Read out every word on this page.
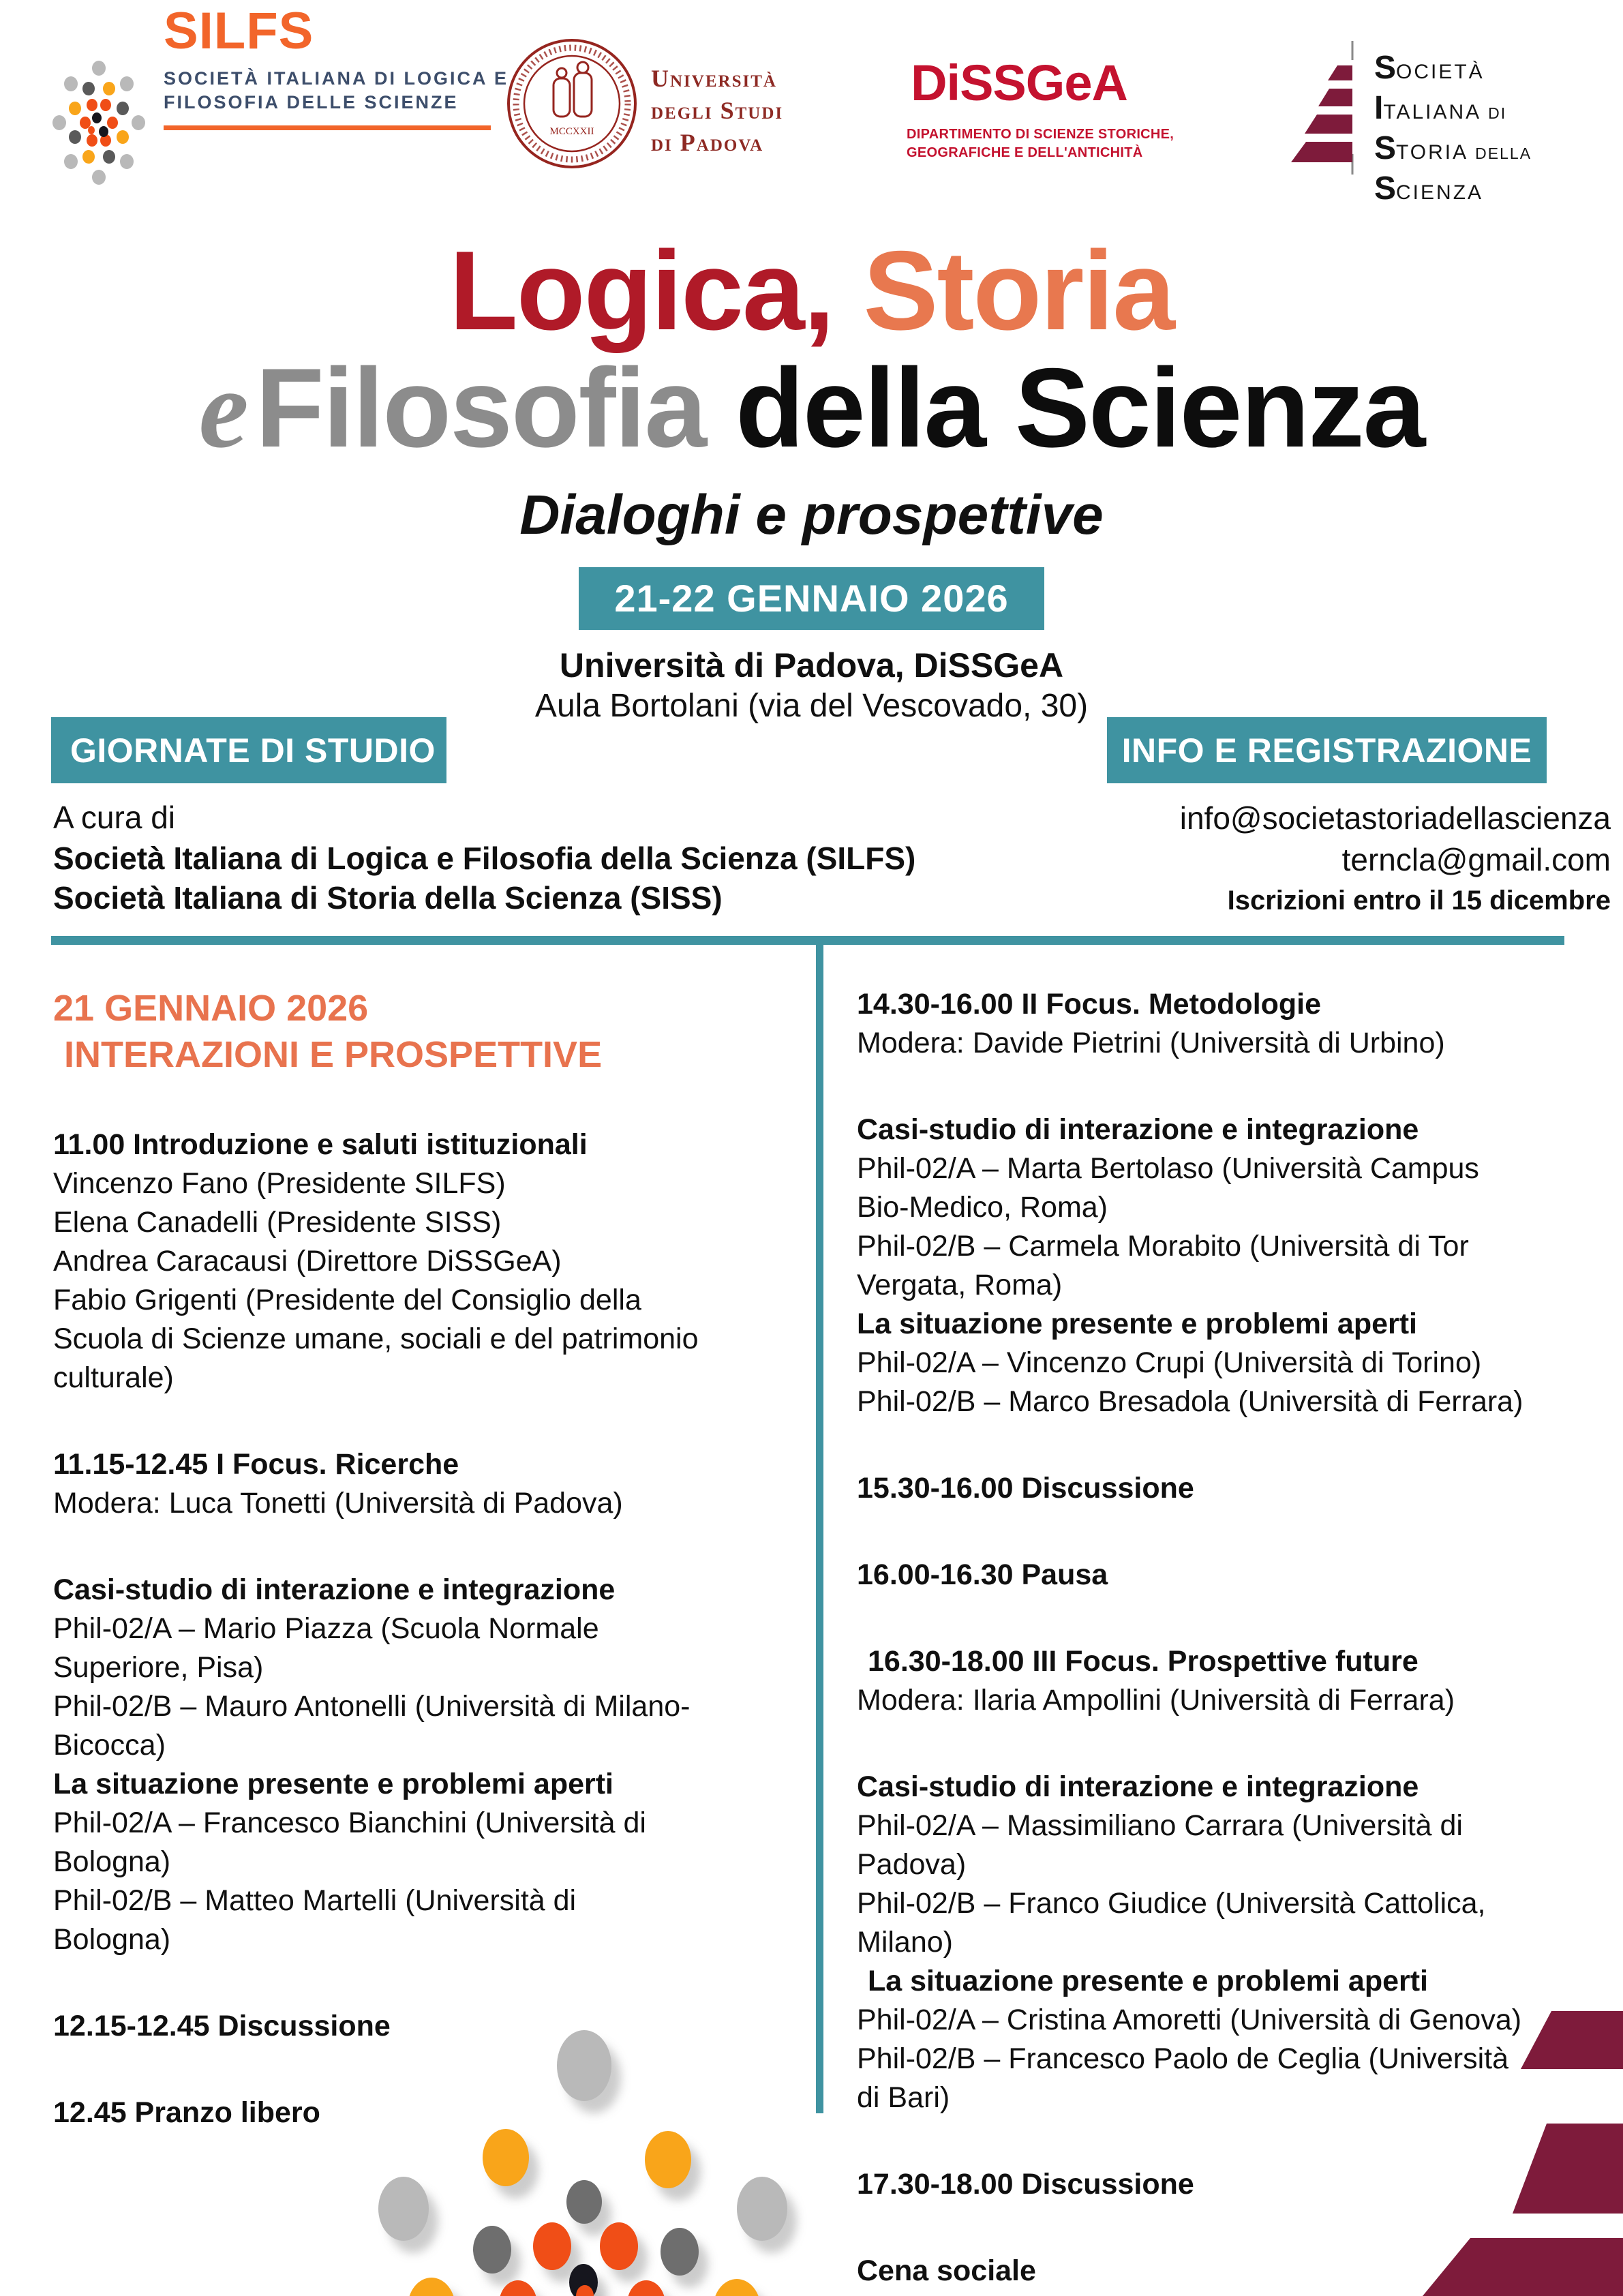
SILFS
SOCIETÀ ITALIANA DI LOGICA E
FILOSOFIA DELLE SCIENZE
MCCXXII
Università
degli Studi
di Padova
DiSSGeA
DIPARTIMENTO DI SCIENZE STORICHE,
GEOGRAFICHE E DELL'ANTICHITÀ
SOCIETÀ
ITALIANA DI
STORIA DELLA
SCIENZA
Logica, Storia
eFilosofia della Scienza
Dialoghi e prospettive
21-22 GENNAIO 2026
Università di Padova, DiSSGeA
Aula Bortolani (via del Vescovado, 30)
GIORNATE DI STUDIO	INFO E REGISTRAZIONE
A cura di
Società Italiana di Logica e Filosofia della Scienza (SILFS)
Società Italiana di Storia della Scienza (SISS)
info@societastoriadellascienza
terncla@gmail.com
Iscrizioni entro il 15 dicembre
21 GENNAIO 2026
INTERAZIONI E PROSPETTIVE
11.00 Introduzione e saluti istituzionali
Vincenzo Fano (Presidente SILFS)
Elena Canadelli (Presidente SISS)
Andrea Caracausi (Direttore DiSSGeA)
Fabio Grigenti (Presidente del Consiglio della
Scuola di Scienze umane, sociali e del patrimonio
culturale)
11.15-12.45 I Focus. Ricerche
Modera: Luca Tonetti (Università di Padova)
Casi-studio di interazione e integrazione
Phil-02/A – Mario Piazza (Scuola Normale
Superiore, Pisa)
Phil-02/B – Mauro Antonelli (Università di Milano-
Bicocca)
La situazione presente e problemi aperti
Phil-02/A – Francesco Bianchini (Università di
Bologna)
Phil-02/B – Matteo Martelli (Università di
Bologna)
12.15-12.45 Discussione
12.45 Pranzo libero
14.30-16.00 II Focus. Metodologie
Modera: Davide Pietrini (Università di Urbino)
Casi-studio di interazione e integrazione
Phil-02/A – Marta Bertolaso (Università Campus
Bio-Medico, Roma)
Phil-02/B – Carmela Morabito (Università di Tor
Vergata, Roma)
La situazione presente e problemi aperti
Phil-02/A – Vincenzo Crupi (Università di Torino)
Phil-02/B – Marco Bresadola (Università di Ferrara)
15.30-16.00 Discussione
16.00-16.30 Pausa
16.30-18.00 III Focus. Prospettive future
Modera: Ilaria Ampollini (Università di Ferrara)
Casi-studio di interazione e integrazione
Phil-02/A – Massimiliano Carrara (Università di
Padova)
Phil-02/B – Franco Giudice (Università Cattolica,
Milano)
La situazione presente e problemi aperti
Phil-02/A – Cristina Amoretti (Università di Genova)
Phil-02/B – Francesco Paolo de Ceglia (Università
di Bari)
17.30-18.00 Discussione
Cena sociale
